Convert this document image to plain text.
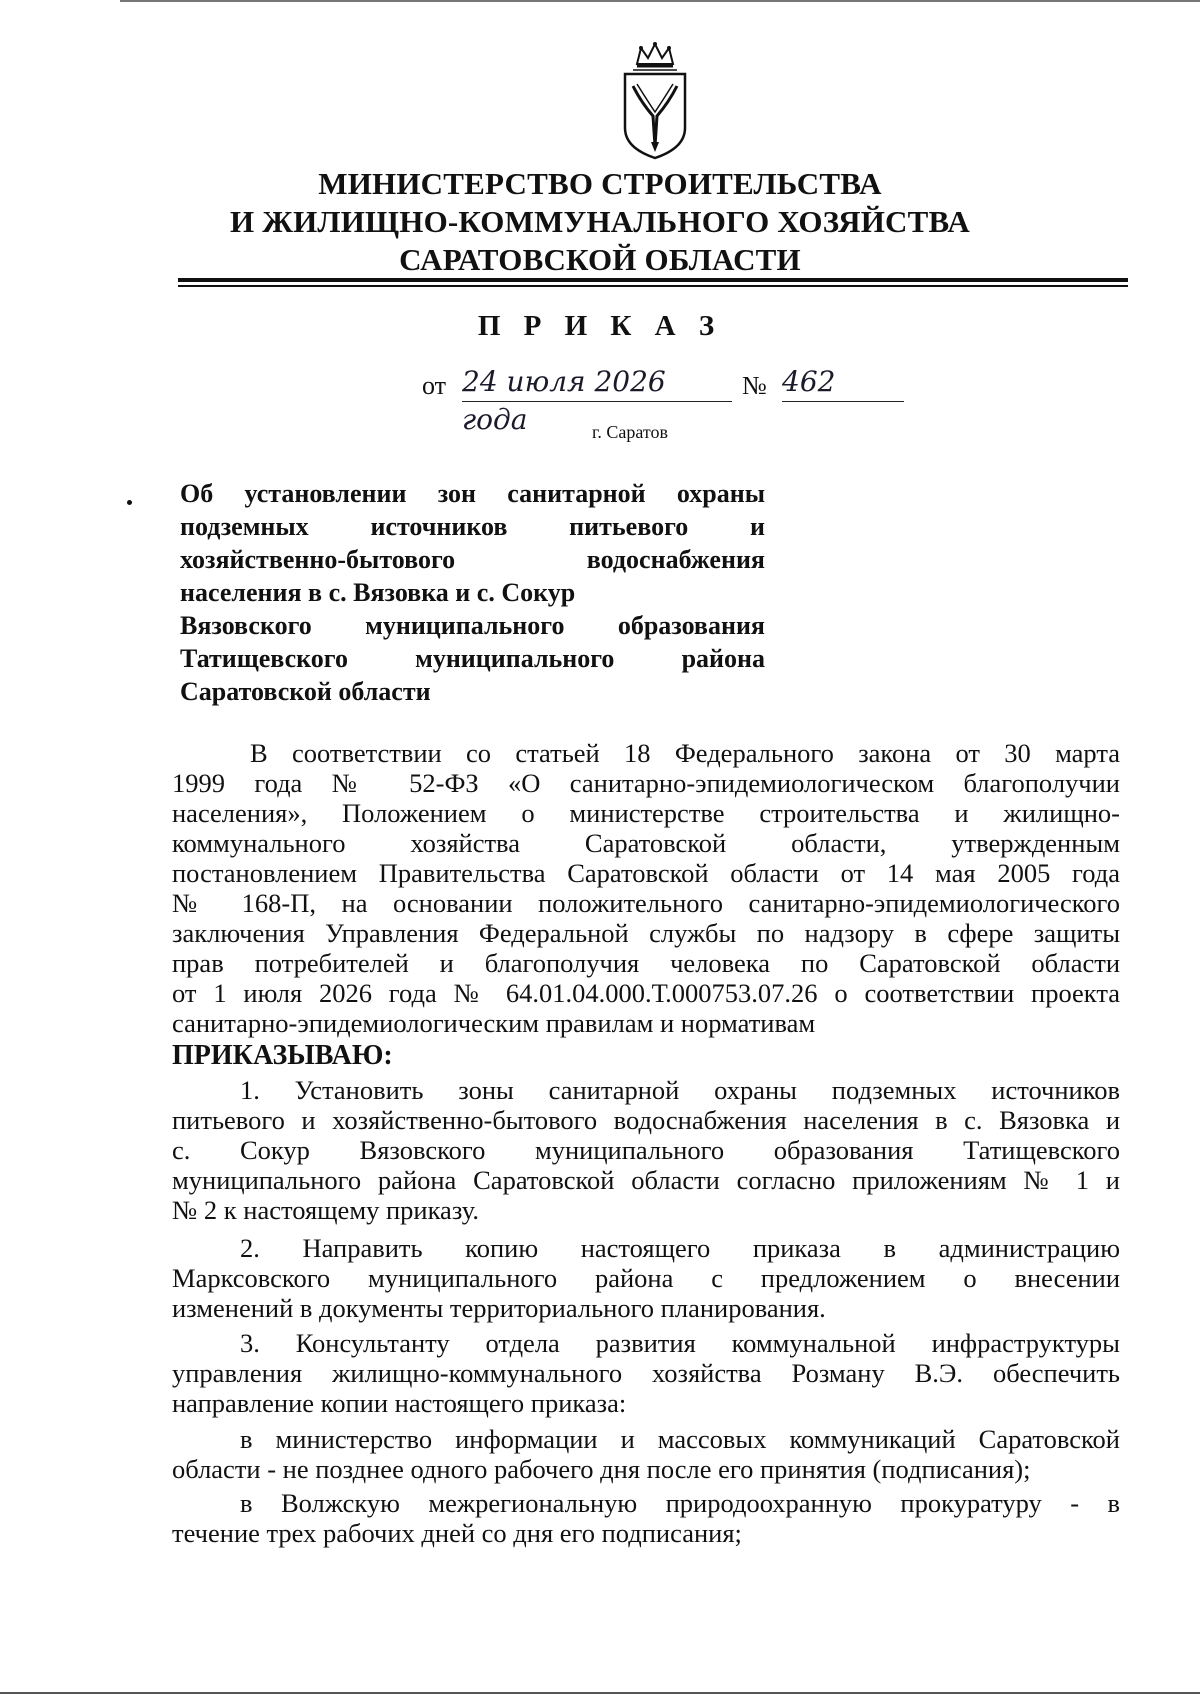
МИНИСТЕРСТВО СТРОИТЕЛЬСТВА
И ЖИЛИЩНО-КОММУНАЛЬНОГО ХОЗЯЙСТВА
САРАТОВСКОЙ ОБЛАСТИ
П Р И К А З
от 24 июля 2026 года
№ 462
г. Саратов
Об установлении зон санитарной охраны
подземных источников питьевого и
хозяйственно-бытового водоснабжения
населения в с. Вязовка и с. Сокур
Вязовского муниципального образования
Татищевского муниципального района
Саратовской области
В соответствии со статьей 18 Федерального закона от 30 марта
1999 года № 52-ФЗ «О санитарно-эпидемиологическом благополучии
населения», Положением о министерстве строительства и жилищно-
коммунального хозяйства Саратовской области, утвержденным
постановлением Правительства Саратовской области от 14 мая 2005 года
№ 168-П, на основании положительного санитарно-эпидемиологического
заключения Управления Федеральной службы по надзору в сфере защиты
прав потребителей и благополучия человека по Саратовской области
от 1 июля 2026 года № 64.01.04.000.Т.000753.07.26 о соответствии проекта
санитарно-эпидемиологическим правилам и нормативам
ПРИКАЗЫВАЮ:
1. Установить зоны санитарной охраны подземных источников
питьевого и хозяйственно-бытового водоснабжения населения в с. Вязовка и
с. Сокур Вязовского муниципального образования Татищевского
муниципального района Саратовской области согласно приложениям № 1 и
№ 2 к настоящему приказу.
2. Направить копию настоящего приказа в администрацию
Марксовского муниципального района с предложением о внесении
изменений в документы территориального планирования.
3. Консультанту отдела развития коммунальной инфраструктуры
управления жилищно-коммунального хозяйства Розману В.Э. обеспечить
направление копии настоящего приказа:
в министерство информации и массовых коммуникаций Саратовской
области - не позднее одного рабочего дня после его принятия (подписания);
в Волжскую межрегиональную природоохранную прокуратуру - в
течение трех рабочих дней со дня его подписания;
